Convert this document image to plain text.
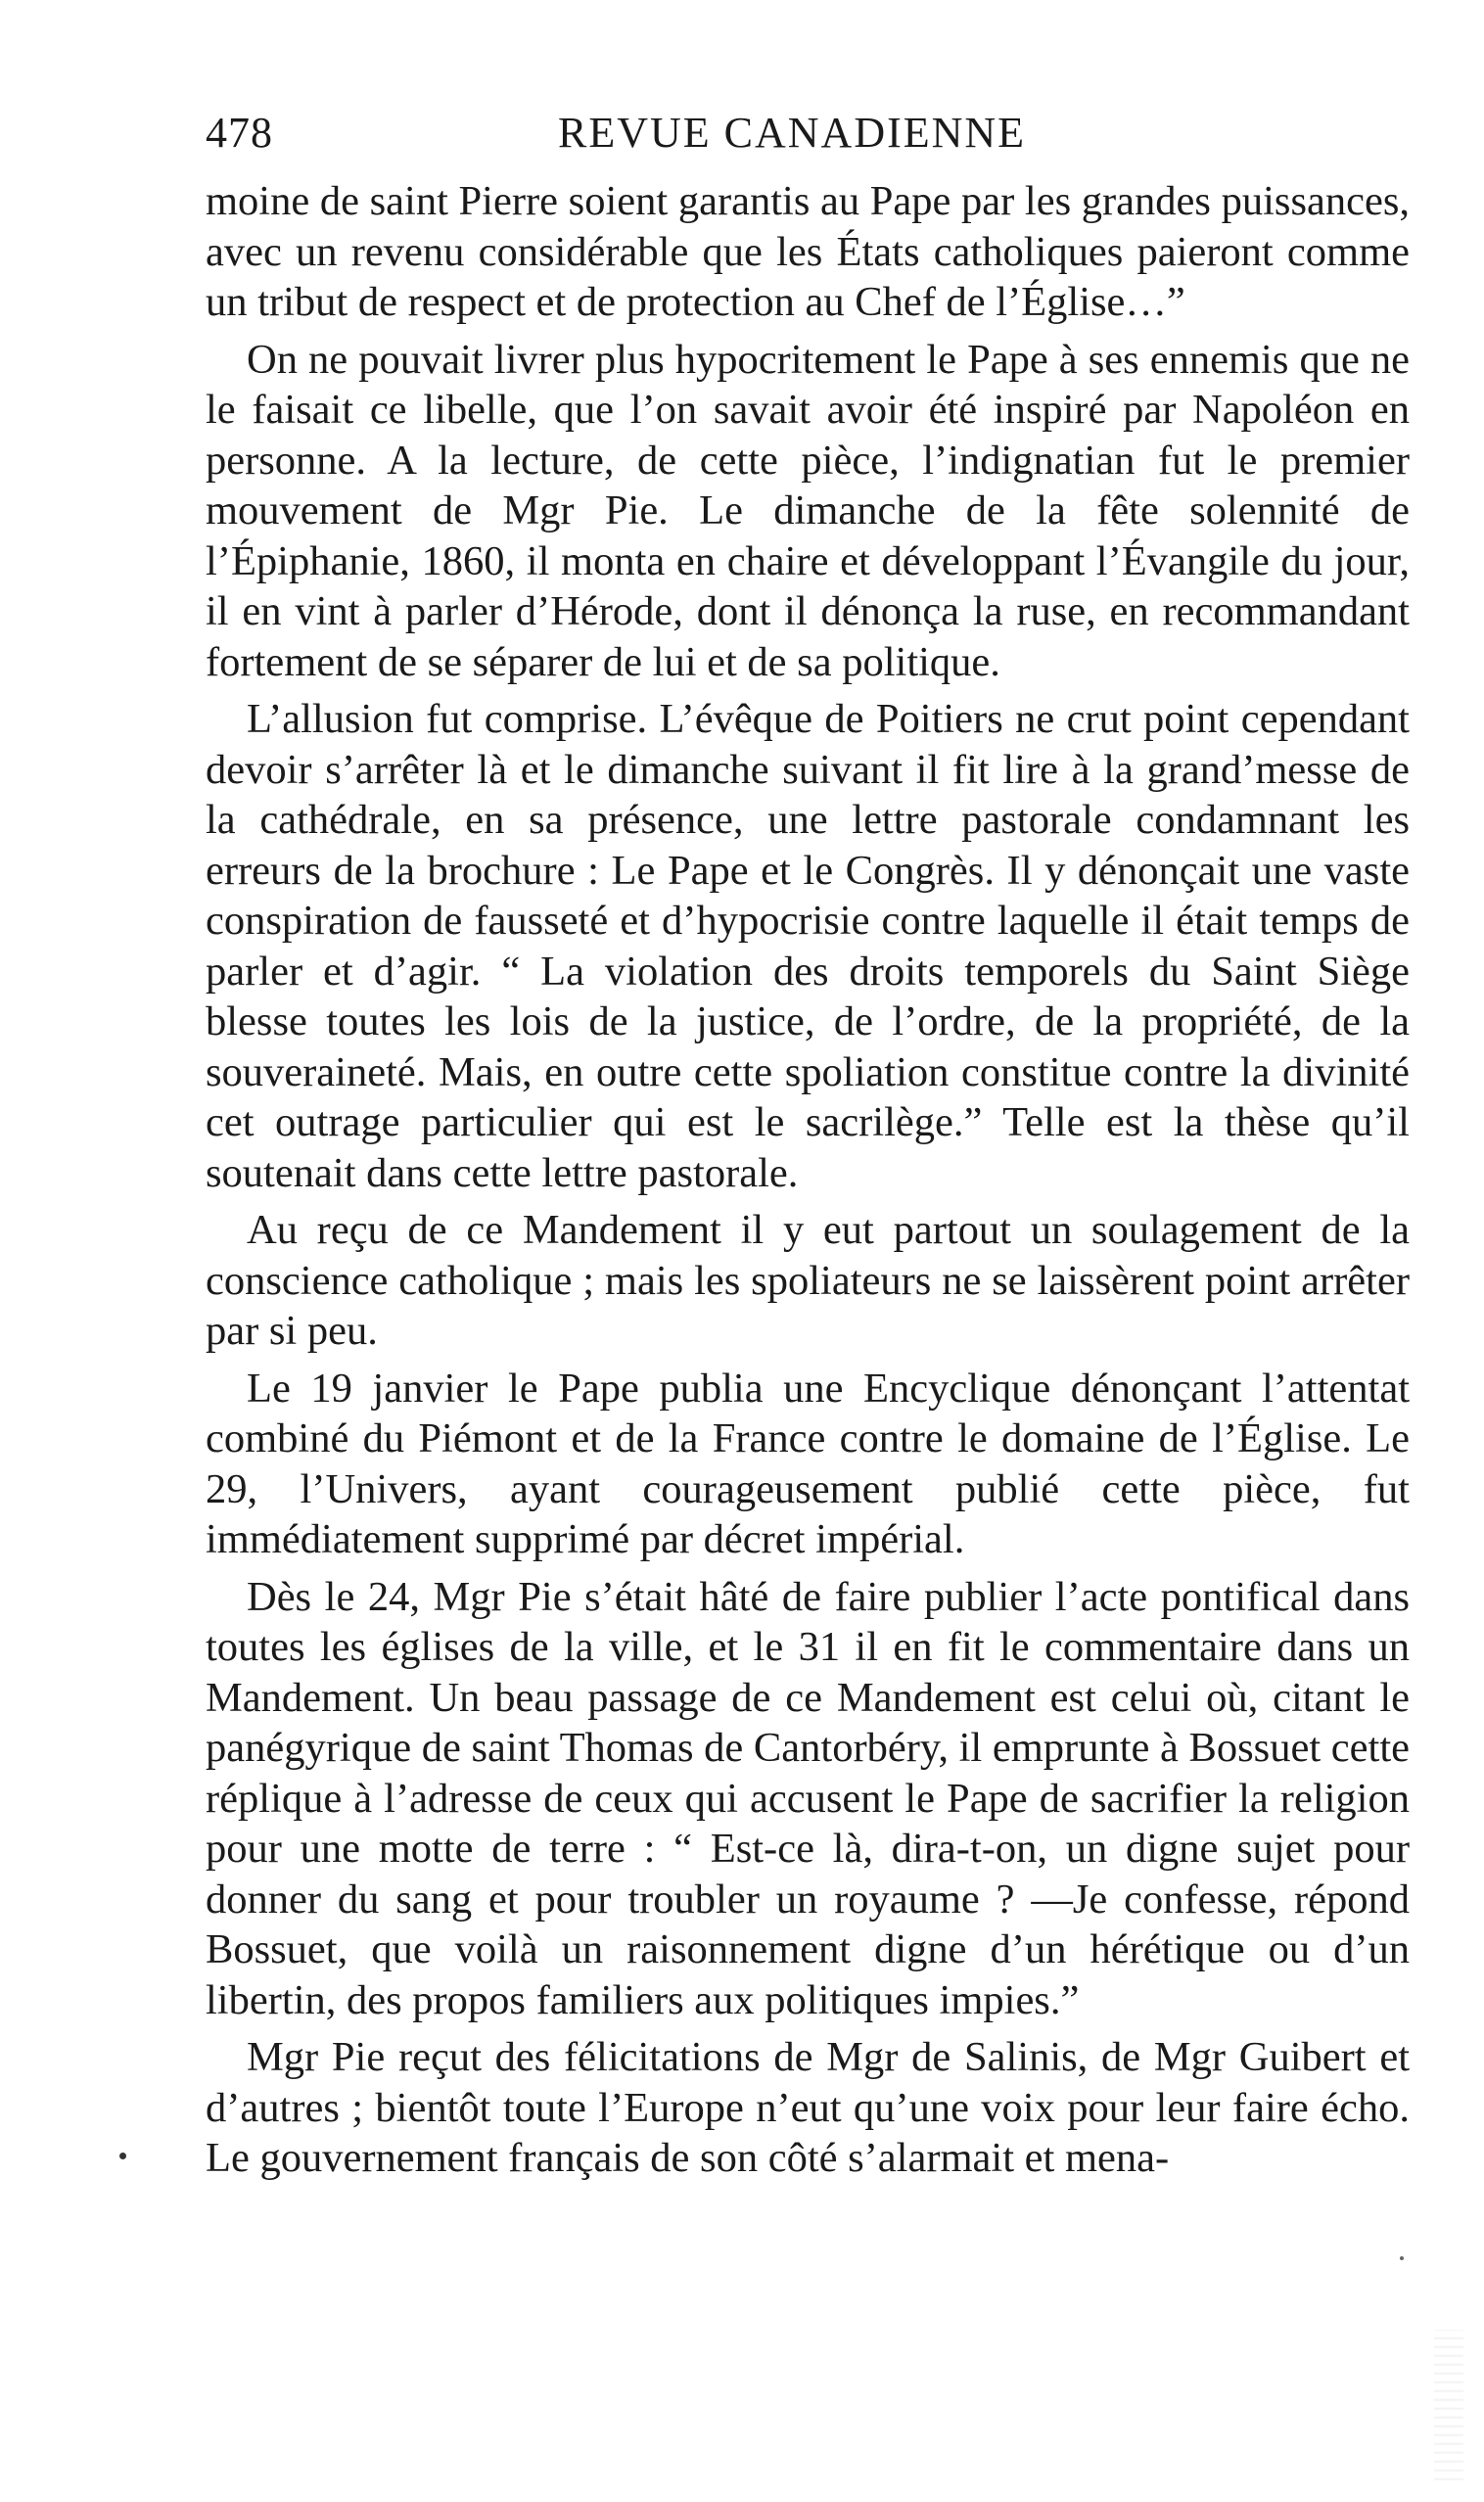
478	REVUE CANADIENNE

moine de saint Pierre soient garantis au Pape par les grandes puissances, avec un revenu considérable que les États catholiques paieront comme un tribut de respect et de protection au Chef de l’Église…”

On ne pouvait livrer plus hypocritement le Pape à ses ennemis que ne le faisait ce libelle, que l’on savait avoir été inspiré par Napoléon en personne. A la lecture, de cette pièce, l’indignatian fut le premier mouvement de Mgr Pie. Le dimanche de la fête solennité de l’Épiphanie, 1860, il monta en chaire et développant l’Évangile du jour, il en vint à parler d’Hérode, dont il dénonça la ruse, en recommandant fortement de se séparer de lui et de sa politique.

L’allusion fut comprise. L’évêque de Poitiers ne crut point cependant devoir s’arrêter là et le dimanche suivant il fit lire à la grand’messe de la cathédrale, en sa présence, une lettre pastorale condamnant les erreurs de la brochure : Le Pape et le Congrès. Il y dénonçait une vaste conspiration de fausseté et d’hypocrisie contre laquelle il était temps de parler et d’agir. “ La violation des droits temporels du Saint Siège blesse toutes les lois de la justice, de l’ordre, de la propriété, de la souveraineté. Mais, en outre cette spoliation constitue contre la divinité cet outrage particulier qui est le sacrilège.” Telle est la thèse qu’il soutenait dans cette lettre pastorale.

Au reçu de ce Mandement il y eut partout un soulagement de la conscience catholique ; mais les spoliateurs ne se laissèrent point arrêter par si peu.

Le 19 janvier le Pape publia une Encyclique dénonçant l’attentat combiné du Piémont et de la France contre le domaine de l’Église. Le 29, l’Univers, ayant courageusement publié cette pièce, fut immédiatement supprimé par décret impérial.

Dès le 24, Mgr Pie s’était hâté de faire publier l’acte pontifical dans toutes les églises de la ville, et le 31 il en fit le commentaire dans un Mandement. Un beau passage de ce Mandement est celui où, citant le panégyrique de saint Thomas de Cantorbéry, il emprunte à Bossuet cette réplique à l’adresse de ceux qui accusent le Pape de sacrifier la religion pour une motte de terre : “ Est-ce là, dira-t-on, un digne sujet pour donner du sang et pour troubler un royaume ? —Je confesse, répond Bossuet, que voilà un raisonnement digne d’un hérétique ou d’un libertin, des propos familiers aux politiques impies.”

Mgr Pie reçut des félicitations de Mgr de Salinis, de Mgr Guibert et d’autres ; bientôt toute l’Europe n’eut qu’une voix pour leur faire écho. Le gouvernement français de son côté s’alarmait et mena-
